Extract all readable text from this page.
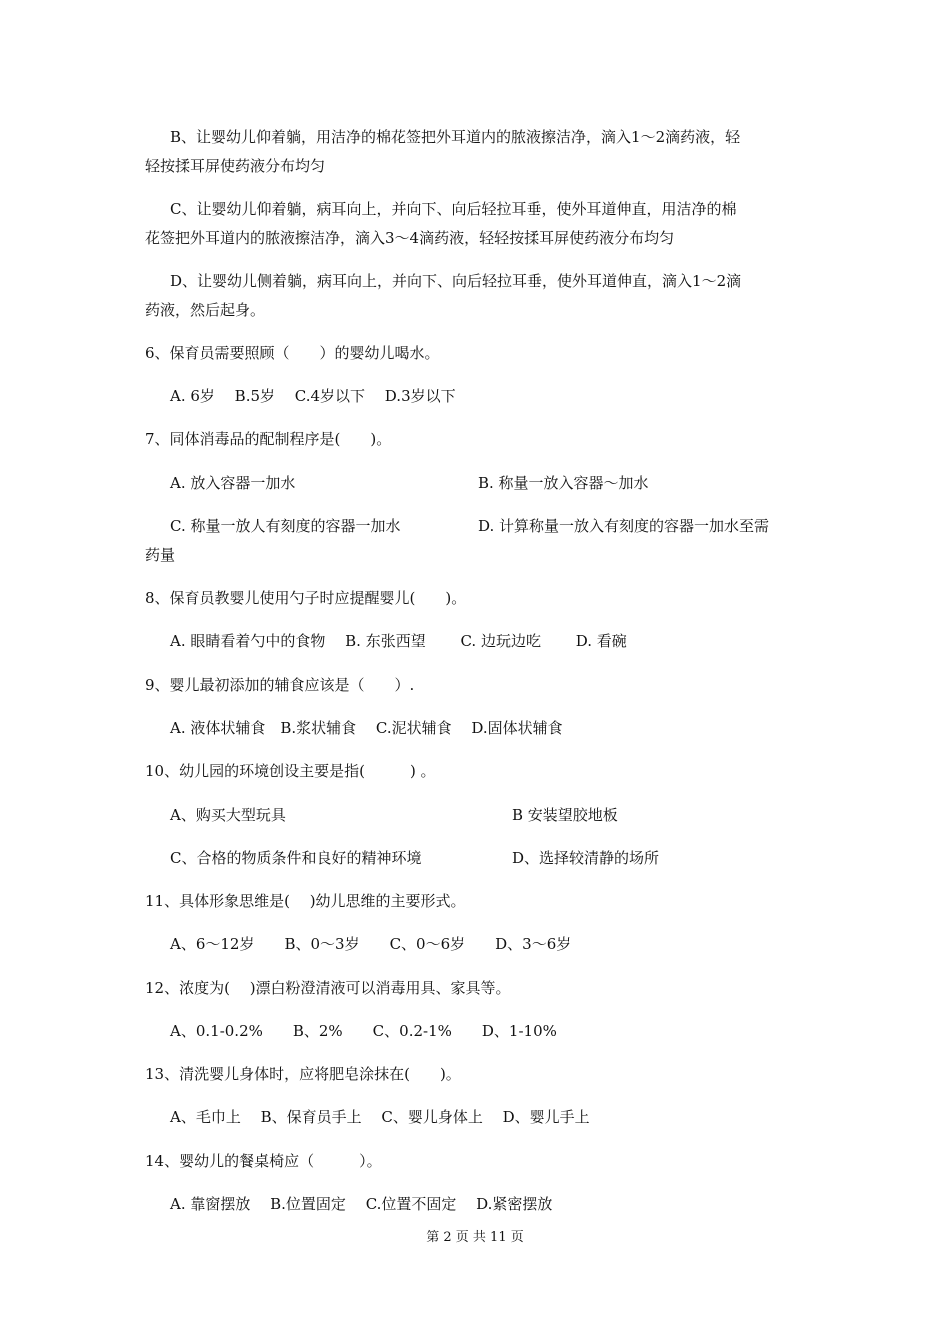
B、让婴幼儿仰着躺，用洁净的棉花签把外耳道内的脓液擦洁净，滴入1～2滴药液，轻
轻按揉耳屏使药液分布均匀
C、让婴幼儿仰着躺，病耳向上，并向下、向后轻拉耳垂，使外耳道伸直，用洁净的棉
花签把外耳道内的脓液擦洁净，滴入3～4滴药液，轻轻按揉耳屏使药液分布均匀
D、让婴幼儿侧着躺，病耳向上，并向下、向后轻拉耳垂，使外耳道伸直，滴入1～2滴
药液，然后起身。
6、保育员需要照顾（　　）的婴幼儿喝水。
A. 6岁　 B.5岁　 C.4岁以下　 D.3岁以下
7、同体消毒品的配制程序是(　　)。
A. 放入容器一加水	B. 称量一放入容器～加水
C. 称量一放人有刻度的容器一加水	D. 计算称量一放入有刻度的容器一加水至需
药量
8、保育员教婴儿使用勺子时应提醒婴儿(　　)。
A. 眼睛看着勺中的食物　 B. 东张西望　　 C. 边玩边吃　　 D. 看碗
9、婴儿最初添加的辅食应该是（　　）.
A. 液体状辅食　B.浆状辅食　 C.泥状辅食　 D.固体状辅食
10、幼儿园的环境创设主要是指(　　　) 。
A、购买大型玩具	B 安装望胶地板
C、合格的物质条件和良好的精神环境	D、选择较清静的场所
11、具体形象思维是(　 )幼儿思维的主要形式。
A、6～12岁　　B、0～3岁　　C、0～6岁　　D、3～6岁
12、浓度为(　 )漂白粉澄清液可以消毒用具、家具等。
A、0.1-0.2%　　B、2%　　C、0.2-1%　　D、1-10%
13、清洗婴儿身体时，应将肥皂涂抹在(　　)。
A、毛巾上　 B、保育员手上　 C、婴儿身体上　 D、婴儿手上
14、婴幼儿的餐桌椅应（　　　）。
A. 靠窗摆放　 B.位置固定　 C.位置不固定　 D.紧密摆放
第 2 页 共 11 页
